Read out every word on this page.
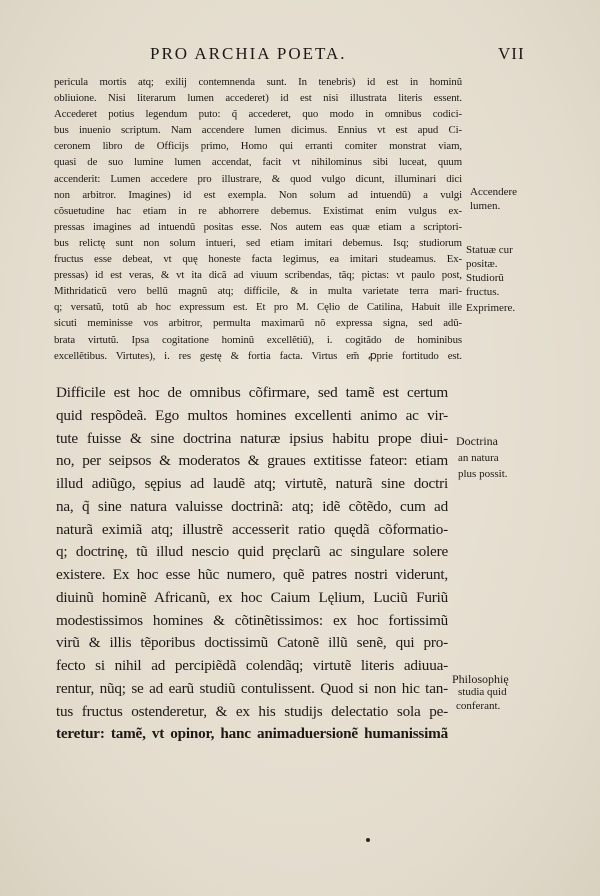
PRO ARCHIA POETA.	VII
pericula mortis atq; exilij contemnenda sunt. In tenebris) id est in hominũ
obliuione. Nisi literarum lumen accederet) id est nisi illustrata literis essent.
Accederet potius legendum puto: q̃ accederet, quo modo in omnibus codici-
bus inuenio scriptum. Nam accendere lumen dicimus. Ennius vt est apud Ci-
ceronem libro de Officijs primo, Homo qui erranti comiter monstrat viam,
quasi de suo lumine lumen accendat, facit vt nihilominus sibi luceat, quum
accenderit: Lumen accedere pro illustrare, & quod vulgo dicunt, illuminari dici
non arbitror. Imagines) id est exempla. Non solum ad intuendũ) a vulgi
cõsuetudine hac etiam in re abhorrere debemus. Existimat enim vulgus ex-
pressas imagines ad intuendũ positas esse. Nos autem eas quæ etiam a scriptori-
bus relictę sunt non solum intueri, sed etiam imitari debemus. Isq; studiorum
fructus esse debeat, vt quę honeste facta legimus, ea imitari studeamus. Ex-
pressas) id est veras, & vt ita dicã ad viuum scribendas, tãq; pictas: vt paulo post,
Mithridaticũ vero bellũ magnũ atq; difficile, & in multa varietate terra mari-
q; versatũ, totũ ab hoc expressum est. Et pro M. Cęlio de Catilina, Habuit ille
sicuti meminisse vos arbitror, permulta maximarũ nõ expressa signa, sed adũ-
brata virtutũ. Ipsa cogitatione hominũ excellẽtiũ), i. cogitãdo de hominibus
excellẽtibus. Virtutes), i. res gestę & fortia facta. Virtus em̃ ꝓprie fortitudo est.
Accendere
lumen.
Statuæ cur
positæ.
Studiorũ
fructus.
Exprimere.
Difficile est hoc de omnibus cõfirmare, sed tamẽ est certum
quid respõdeã. Ego multos homines excellenti animo ac vir-
tute fuisse & sine doctrina naturæ ipsius habitu prope diui-
no, per seipsos & moderatos & graues extitisse fateor: etiam
illud adiũgo, sępius ad laudẽ atq; virtutẽ, naturã sine doctri
na, q̃ sine natura valuisse doctrinã: atq; idẽ cõtẽdo, cum ad
naturã eximiã atq; illustrẽ accesserit ratio quędã cõformatio-
q; doctrinę, tũ illud nescio quid pręclarũ ac singulare solere
existere. Ex hoc esse hũc numero, quẽ patres nostri viderunt,
diuinũ hominẽ Africanũ, ex hoc Caium Lęlium, Luciũ Furiũ
modestissimos homines & cõtinẽtissimos: ex hoc fortissimũ
virũ & illis tẽporibus doctissimũ Catonẽ illũ senẽ, qui pro-
fecto si nihil ad percipiẽdã colendãq; virtutẽ literis adiuua-
rentur, nũq; se ad earũ studiũ contulissent. Quod si non hic tan-
tus fructus ostenderetur, & ex his studijs delectatio sola pe-
teretur: tamẽ, vt opinor, hanc animaduersionẽ humanissimã
Doctrina
an natura
plus possit.
Philosophię
studia quid
conferant.
